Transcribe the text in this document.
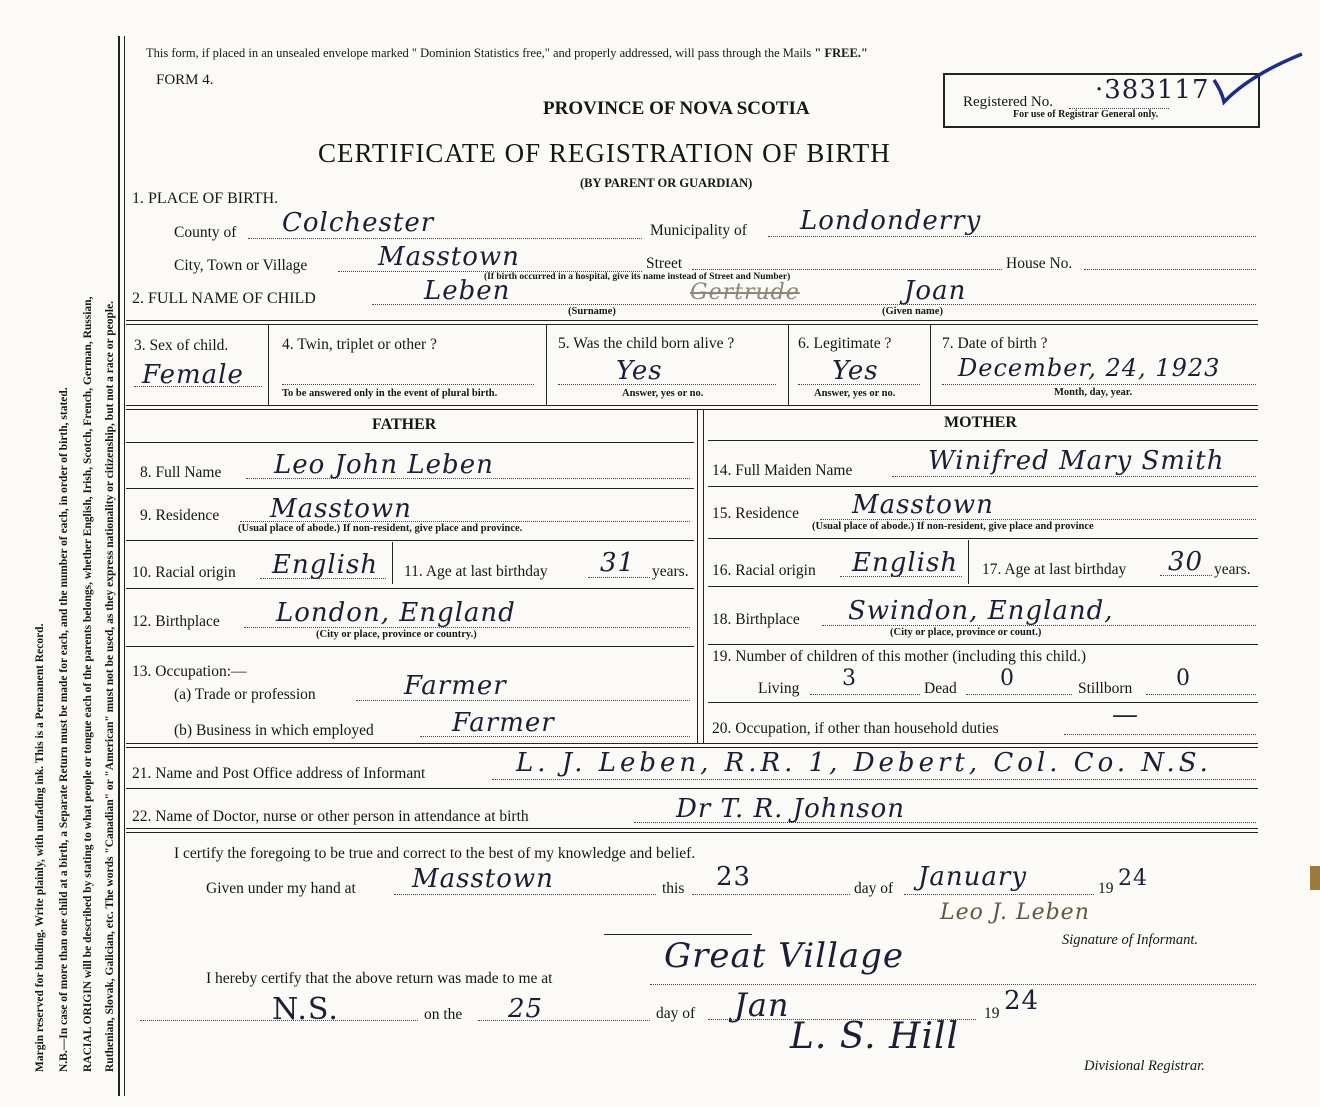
Margin reserved for binding. Write plainly, with unfading ink. This is a Permanent Record. N.B.—In case of more than one child at a birth, a Separate Return must be made for each, and the number of each, in order of birth, stated. RACIAL ORIGIN will be described by stating to what people or tongue each of the parents belongs, whether English, Irish, Scotch, French, German, Russian, Ruthenian, Slovak, Galician, etc. The words "Canadian" or "American" must not be used, as they express nationality or citizenship, but not a race or people.
This form, if placed in an unsealed envelope marked " Dominion Statistics free," and properly addressed, will pass through the Mails " FREE."
FORM 4.
PROVINCE OF NOVA SCOTIA
CERTIFICATE OF REGISTRATION OF BIRTH
(BY PARENT OR GUARDIAN)
Registered No. ·383117
For use of Registrar General only.
1. PLACE OF BIRTH.
County of Colchester	Municipality of Londonderry
City, Town or Village	Masstown	Street	House No.
(If birth occurred in a hospital, give its name instead of Street and Number)
2. FULL NAME OF CHILD	Leben	Gertrude	Joan
(Surname)	(Given name)
3. Sex of child.
Female
4. Twin, triplet or other ?
To be answered only in the event of plural birth.
5. Was the child born alive ?
Yes
Answer, yes or no.
6. Legitimate ?
Yes
Answer, yes or no.
7. Date of birth ?
December, 24, 1923
Month, day, year.
FATHER	MOTHER
8. Full Name Leo John Leben
9. Residence Masstown
(Usual place of abode.) If non-resident, give place and province.
10. Racial origin English 11. Age at last birthday 31 years.
12. Birthplace London, England
(City or place, province or country.)
13. Occupation:—
(a) Trade or profession	Farmer
(b) Business in which employed	Farmer
14. Full Maiden Name	Winifred Mary Smith
15. Residence Masstown
(Usual place of abode.) If non-resident, give place and province
16. Racial origin English 17. Age at last birthday 30 years.
18. Birthplace Swindon, England,
(City or place, province or count.)
19. Number of children of this mother (including this child.)
Living 3	Dead 0	Stillborn 0
20. Occupation, if other than household duties	—
21. Name and Post Office address of Informant	L. J. Leben, R.R. 1, Debert, Col. Co. N.S.
22. Name of Doctor, nurse or other person in attendance at birth	Dr T. R. Johnson
I certify the foregoing to be true and correct to the best of my knowledge and belief.
Given under my hand at Masstown	this 23	day of January	19 24
Leo J. Leben
Signature of Informant.
I hereby certify that the above return was made to me at
Great Village
N.S.	on the 25	day of Jan	19 24
L. S. Hill
Divisional Registrar.
